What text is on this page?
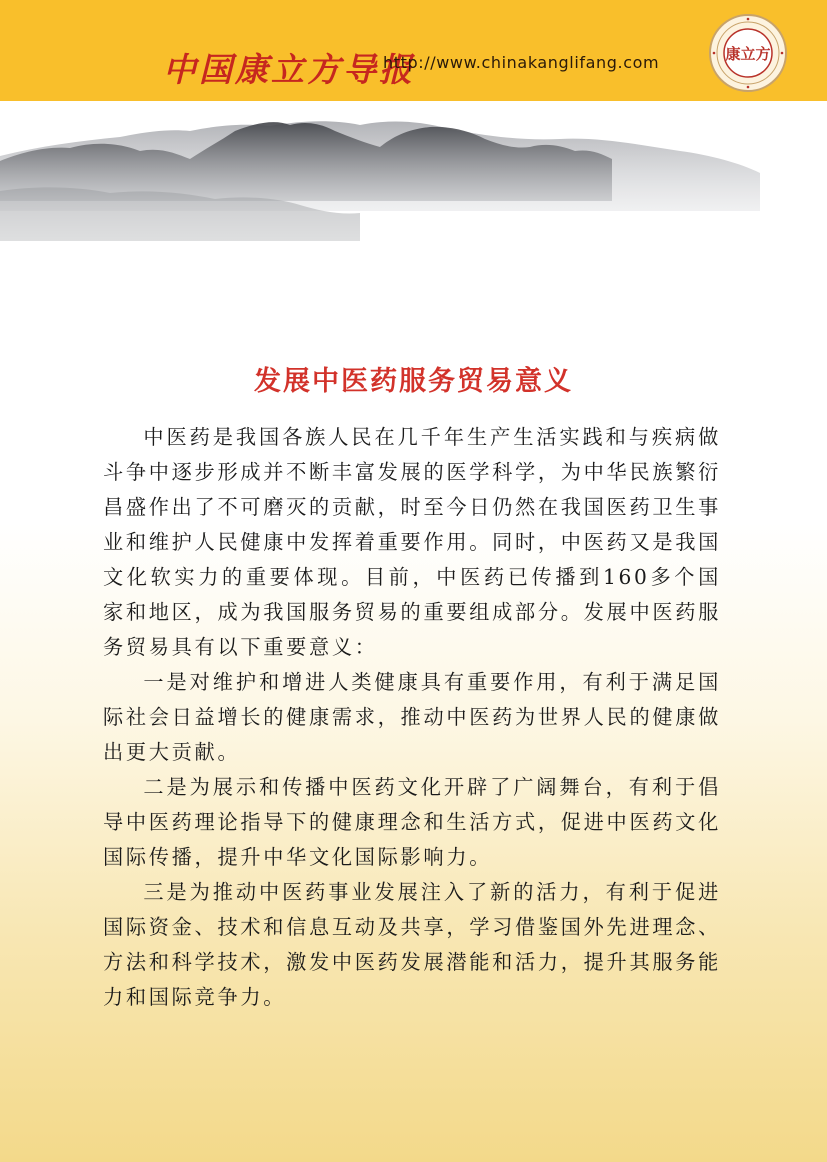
中国康立方导报
http://www.chinakanglifang.com	康立方
发展中医药服务贸易意义

中医药是我国各族人民在几千年生产生活实践和与疾病做斗争中逐步形成并不断丰富发展的医学科学，为中华民族繁衍昌盛作出了不可磨灭的贡献，时至今日仍然在我国医药卫生事业和维护人民健康中发挥着重要作用。同时，中医药又是我国文化软实力的重要体现。目前，中医药已传播到160多个国家和地区，成为我国服务贸易的重要组成部分。发展中医药服务贸易具有以下重要意义：

一是对维护和增进人类健康具有重要作用，有利于满足国际社会日益增长的健康需求，推动中医药为世界人民的健康做出更大贡献。

二是为展示和传播中医药文化开辟了广阔舞台，有利于倡导中医药理论指导下的健康理念和生活方式，促进中医药文化国际传播，提升中华文化国际影响力。

三是为推动中医药事业发展注入了新的活力，有利于促进国际资金、技术和信息互动及共享，学习借鉴国外先进理念、方法和科学技术，激发中医药发展潜能和活力，提升其服务能力和国际竞争力。
